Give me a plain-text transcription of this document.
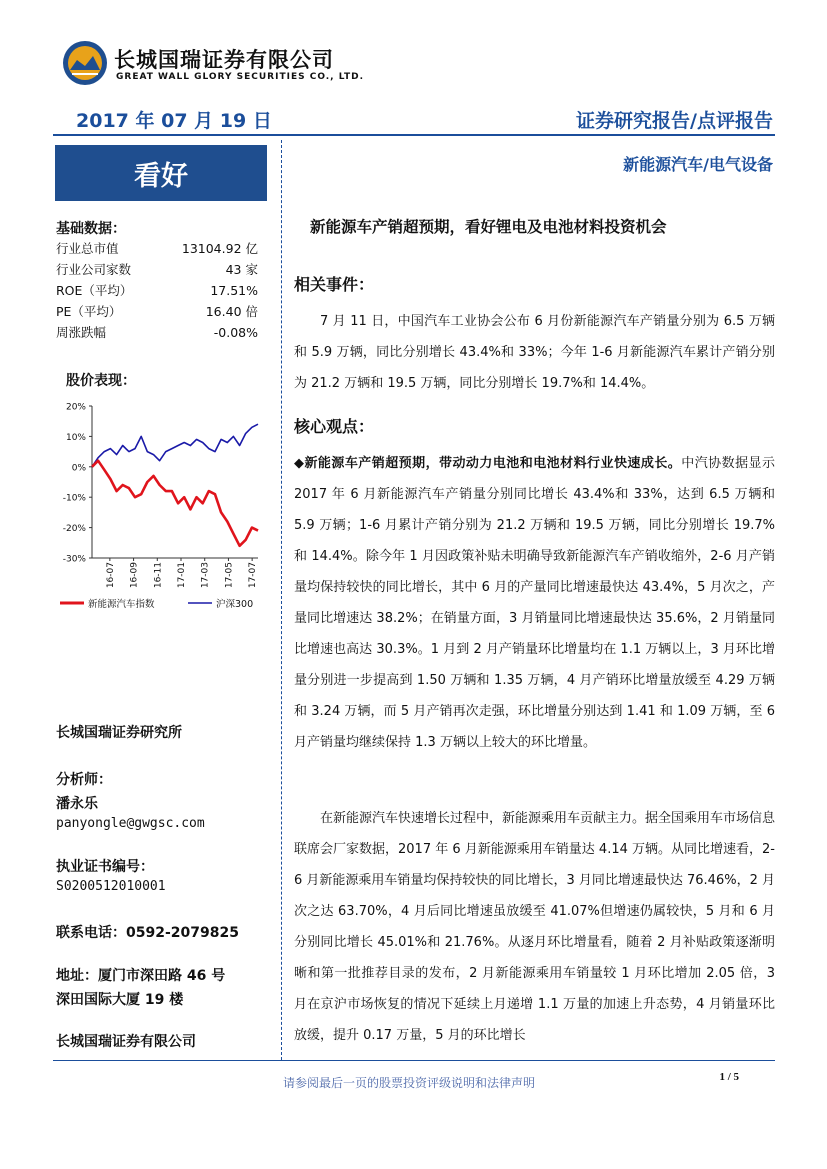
长城国瑞证券有限公司
GREAT WALL GLORY SECURITIES CO., LTD.
2017 年 07 月 19 日	证券研究报告/点评报告
看好	新能源汽车/电气设备
基础数据：
行业总市值	13104.92 亿
行业公司家数	43 家
ROE（平均）	17.51%
PE（平均）	16.40 倍
周涨跌幅	-0.08%
股价表现：
20%
10%
0%
-10%
-20%
-30%
16-07 16-09 16-11 17-01 17-03 17-05 17-07
新能源汽车指数	沪深300
长城国瑞证券研究所
分析师：
潘永乐
panyongle@gwgsc.com
执业证书编号：
S0200512010001
联系电话：0592-2079825
地址：厦门市深田路 46 号
深田国际大厦 19 楼
长城国瑞证券有限公司
新能源车产销超预期，看好锂电及电池材料投资机会
相关事件：
7 月 11 日，中国汽车工业协会公布 6 月份新能源汽车产销量分别为 6.5 万辆和 5.9 万辆，同比分别增长 43.4%和 33%；今年 1-6 月新能源汽车累计产销分别为 21.2 万辆和 19.5 万辆，同比分别增长 19.7%和 14.4%。
核心观点：
◆新能源车产销超预期，带动动力电池和电池材料行业快速成长。中汽协数据显示 2017 年 6 月新能源汽车产销量分别同比增长 43.4%和 33%，达到 6.5 万辆和 5.9 万辆；1-6 月累计产销分别为 21.2 万辆和 19.5 万辆，同比分别增长 19.7%和 14.4%。除今年 1 月因政策补贴未明确导致新能源汽车产销收缩外，2-6 月产销量均保持较快的同比增长，其中 6 月的产量同比增速最快达 43.4%，5 月次之，产量同比增速达 38.2%；在销量方面，3 月销量同比增速最快达 35.6%，2 月销量同比增速也高达 30.3%。1 月到 2 月产销量环比增量均在 1.1 万辆以上，3 月环比增量分别进一步提高到 1.50 万辆和 1.35 万辆，4 月产销环比增量放缓至 4.29 万辆和 3.24 万辆，而 5 月产销再次走强，环比增量分别达到 1.41 和 1.09 万辆，至 6 月产销量均继续保持 1.3 万辆以上较大的环比增量。
在新能源汽车快速增长过程中，新能源乘用车贡献主力。据全国乘用车市场信息联席会厂家数据，2017 年 6 月新能源乘用车销量达 4.14 万辆。从同比增速看，2-6 月新能源乘用车销量均保持较快的同比增长，3 月同比增速最快达 76.46%，2 月次之达 63.70%，4 月后同比增速虽放缓至 41.07%但增速仍属较快，5 月和 6 月分别同比增长 45.01%和 21.76%。从逐月环比增量看，随着 2 月补贴政策逐渐明晰和第一批推荐目录的发布，2 月新能源乘用车销量较 1 月环比增加 2.05 倍，3 月在京沪市场恢复的情况下延续上月递增 1.1 万量的加速上升态势，4 月销量环比放缓，提升 0.17 万量，5 月的环比增长
请参阅最后一页的股票投资评级说明和法律声明	1 / 5
